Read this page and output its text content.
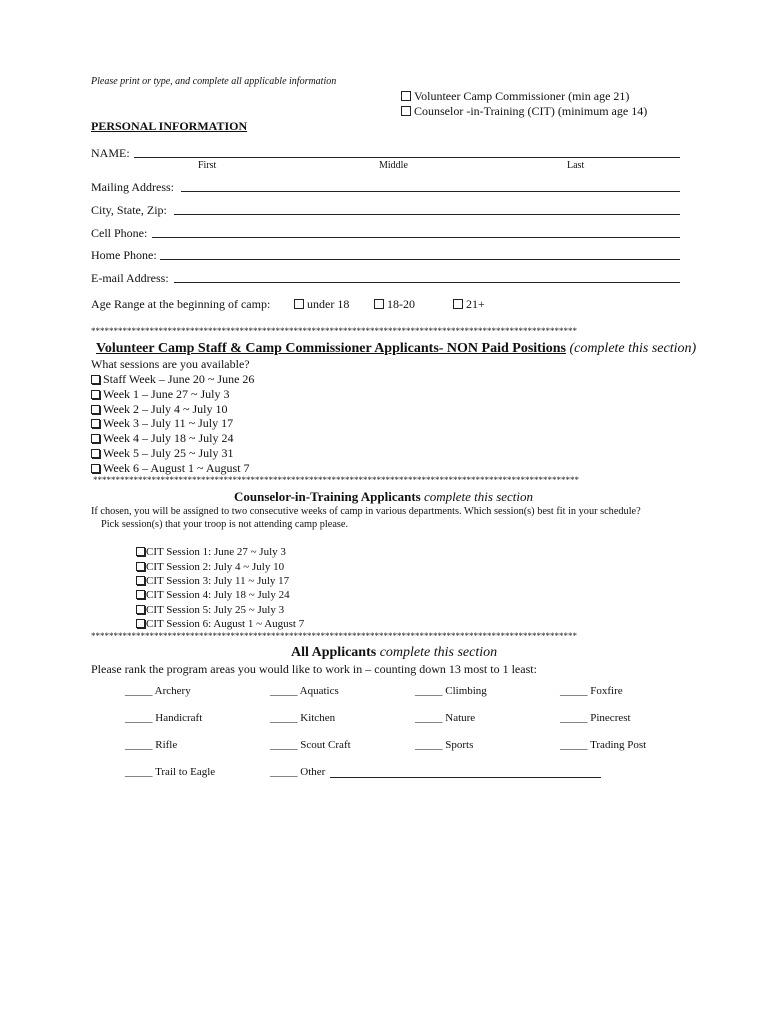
Please print or type, and complete all applicable information
Volunteer Camp Commissioner (min age 21)
Counselor -in-Training (CIT) (minimum age 14)
PERSONAL INFORMATION
NAME:
First	Middle	Last
Mailing Address:
City, State, Zip:
Cell Phone:
Home Phone:
E-mail Address:
Age Range at the beginning of camp:	under 18	18-20	21+
************************************************************************************************************
Volunteer Camp Staff & Camp Commissioner Applicants- NON Paid Positions (complete this section)
What sessions are you available?
Staff Week – June 20 ~ June 26
Week 1 – June 27 ~ July 3
Week 2 – July 4 ~ July 10
Week 3 – July 11 ~ July 17
Week 4 – July 18 ~ July 24
Week 5 – July 25 ~ July 31
Week 6 – August 1 ~ August 7
************************************************************************************************************
Counselor-in-Training Applicants complete this section
If chosen, you will be assigned to two consecutive weeks of camp in various departments. Which session(s) best fit in your schedule?
Pick session(s) that your troop is not attending camp please.
CIT Session 1: June 27 ~ July 3
CIT Session 2: July 4 ~ July 10
CIT Session 3: July 11 ~ July 17
CIT Session 4: July 18 ~ July 24
CIT Session 5: July 25 ~ July 3
CIT Session 6: August 1 ~ August 7
************************************************************************************************************
All Applicants complete this section
Please rank the program areas you would like to work in – counting down 13 most to 1 least:
_____ Archery	_____ Aquatics	_____ Climbing	_____ Foxfire
_____ Handicraft	_____ Kitchen	_____ Nature	_____ Pinecrest
_____ Rifle	_____ Scout Craft	_____ Sports	_____ Trading Post
_____ Trail to Eagle	_____ Other
